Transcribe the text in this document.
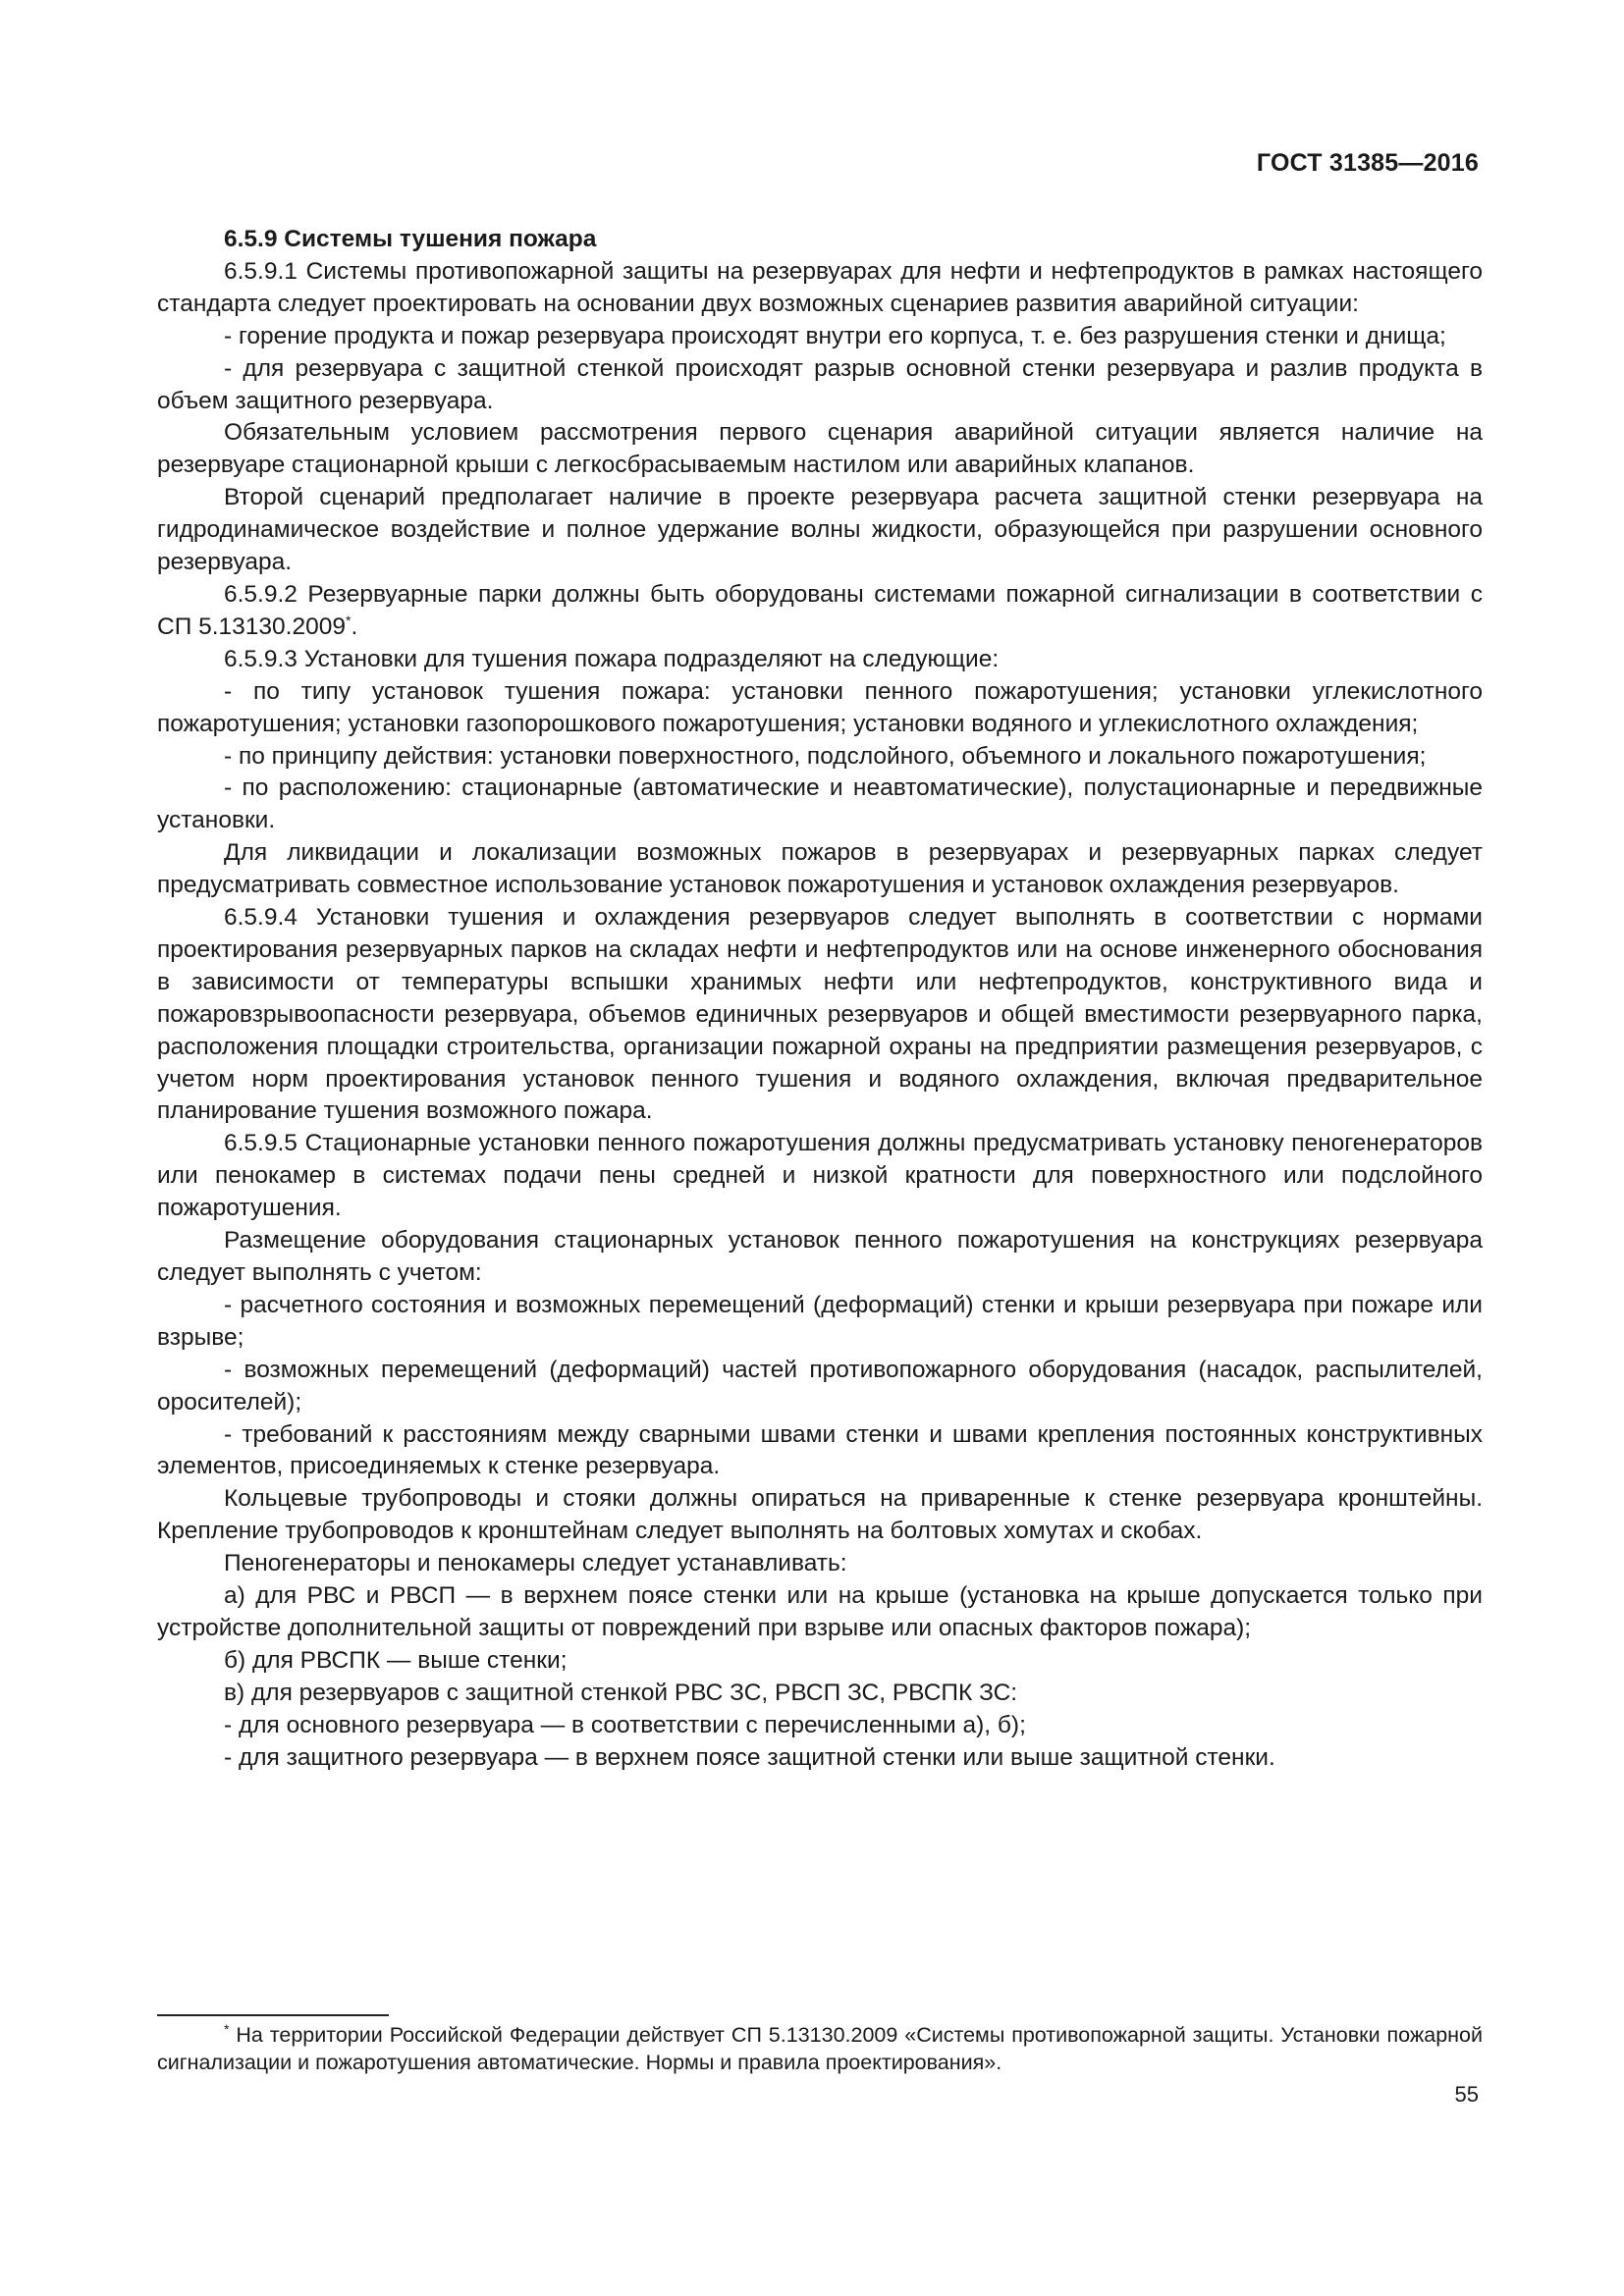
ГОСТ 31385—2016

6.5.9 Системы тушения пожара

6.5.9.1 Системы противопожарной защиты на резервуарах для нефти и нефтепродуктов в рамках настоящего стандарта следует проектировать на основании двух возможных сценариев развития аварийной ситуации:

- горение продукта и пожар резервуара происходят внутри его корпуса, т. е. без разрушения стенки и днища;

- для резервуара с защитной стенкой происходят разрыв основной стенки резервуара и разлив продукта в объем защитного резервуара.

Обязательным условием рассмотрения первого сценария аварийной ситуации является наличие на резервуаре стационарной крыши с легкосбрасываемым настилом или аварийных клапанов.

Второй сценарий предполагает наличие в проекте резервуара расчета защитной стенки резервуара на гидродинамическое воздействие и полное удержание волны жидкости, образующейся при разрушении основного резервуара.

6.5.9.2 Резервуарные парки должны быть оборудованы системами пожарной сигнализации в соответствии с СП 5.13130.2009*.

6.5.9.3 Установки для тушения пожара подразделяют на следующие:

- по типу установок тушения пожара: установки пенного пожаротушения; установки углекислотного пожаротушения; установки газопорошкового пожаротушения; установки водяного и углекислотного охлаждения;

- по принципу действия: установки поверхностного, подслойного, объемного и локального пожаротушения;

- по расположению: стационарные (автоматические и неавтоматические), полустационарные и передвижные установки.

Для ликвидации и локализации возможных пожаров в резервуарах и резервуарных парках следует предусматривать совместное использование установок пожаротушения и установок охлаждения резервуаров.

6.5.9.4 Установки тушения и охлаждения резервуаров следует выполнять в соответствии с нормами проектирования резервуарных парков на складах нефти и нефтепродуктов или на основе инженерного обоснования в зависимости от температуры вспышки хранимых нефти или нефтепродуктов, конструктивного вида и пожаровзрывоопасности резервуара, объемов единичных резервуаров и общей вместимости резервуарного парка, расположения площадки строительства, организации пожарной охраны на предприятии размещения резервуаров, с учетом норм проектирования установок пенного тушения и водяного охлаждения, включая предварительное планирование тушения возможного пожара.

6.5.9.5 Стационарные установки пенного пожаротушения должны предусматривать установку пеногенераторов или пенокамер в системах подачи пены средней и низкой кратности для поверхностного или подслойного пожаротушения.

Размещение оборудования стационарных установок пенного пожаротушения на конструкциях резервуара следует выполнять с учетом:

- расчетного состояния и возможных перемещений (деформаций) стенки и крыши резервуара при пожаре или взрыве;

- возможных перемещений (деформаций) частей противопожарного оборудования (насадок, распылителей, оросителей);

- требований к расстояниям между сварными швами стенки и швами крепления постоянных конструктивных элементов, присоединяемых к стенке резервуара.

Кольцевые трубопроводы и стояки должны опираться на приваренные к стенке резервуара кронштейны. Крепление трубопроводов к кронштейнам следует выполнять на болтовых хомутах и скобах.

Пеногенераторы и пенокамеры следует устанавливать:

а) для РВС и РВСП — в верхнем поясе стенки или на крыше (установка на крыше допускается только при устройстве дополнительной защиты от повреждений при взрыве или опасных факторов пожара);

б) для РВСПК — выше стенки;

в) для резервуаров с защитной стенкой РВС ЗС, РВСП ЗС, РВСПК ЗС:

- для основного резервуара — в соответствии с перечисленными а), б);

- для защитного резервуара — в верхнем поясе защитной стенки или выше защитной стенки.

* На территории Российской Федерации действует СП 5.13130.2009 «Системы противопожарной защиты. Установки пожарной сигнализации и пожаротушения автоматические. Нормы и правила проектирования».

55
